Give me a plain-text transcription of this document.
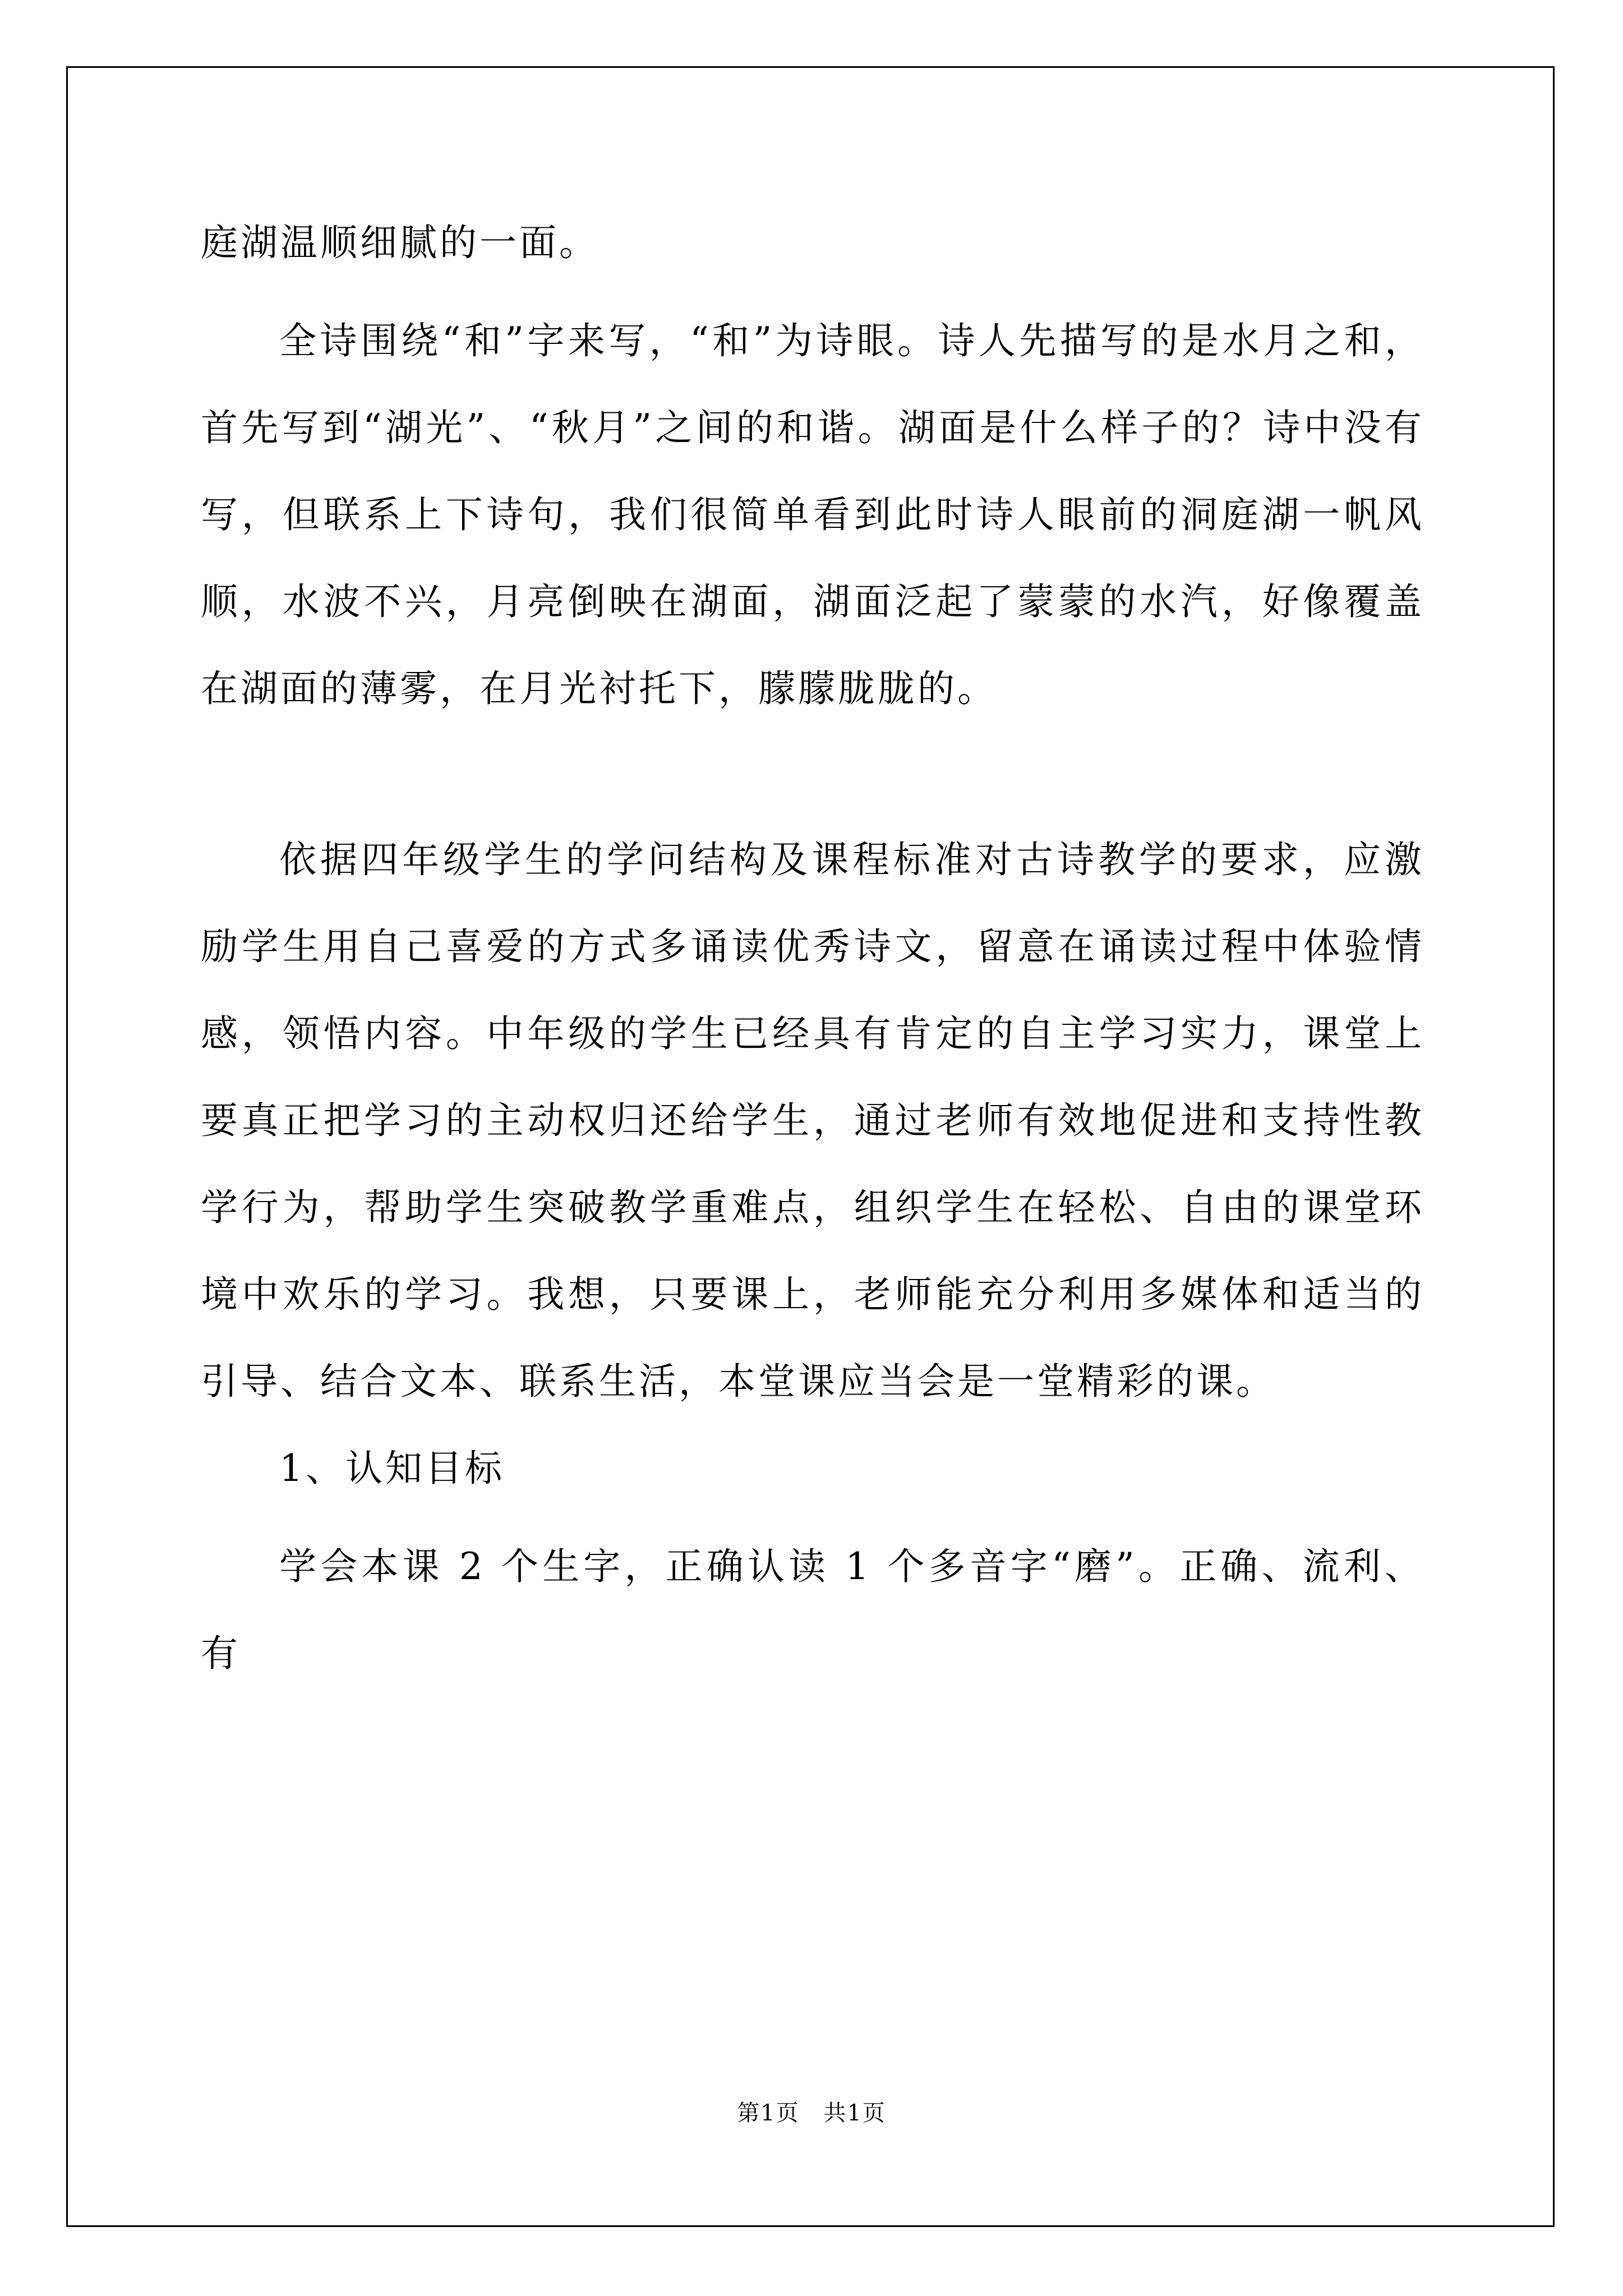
庭湖温顺细腻的一面。

全诗围绕“和”字来写，“和”为诗眼。诗人先描写的是水月之和，首先写到“湖光”、“秋月”之间的和谐。湖面是什么样子的？诗中没有写，但联系上下诗句，我们很简单看到此时诗人眼前的洞庭湖一帆风顺，水波不兴，月亮倒映在湖面，湖面泛起了蒙蒙的水汽，好像覆盖在湖面的薄雾，在月光衬托下，朦朦胧胧的。

依据四年级学生的学问结构及课程标准对古诗教学的要求，应激励学生用自己喜爱的方式多诵读优秀诗文，留意在诵读过程中体验情感，领悟内容。中年级的学生已经具有肯定的自主学习实力，课堂上要真正把学习的主动权归还给学生，通过老师有效地促进和支持性教学行为，帮助学生突破教学重难点，组织学生在轻松、自由的课堂环境中欢乐的学习。我想，只要课上，老师能充分利用多媒体和适当的引导、结合文本、联系生活，本堂课应当会是一堂精彩的课。

1、认知目标

学会本课 2 个生字，正确认读 1 个多音字“磨”。正确、流利、有

第1页 共1页
